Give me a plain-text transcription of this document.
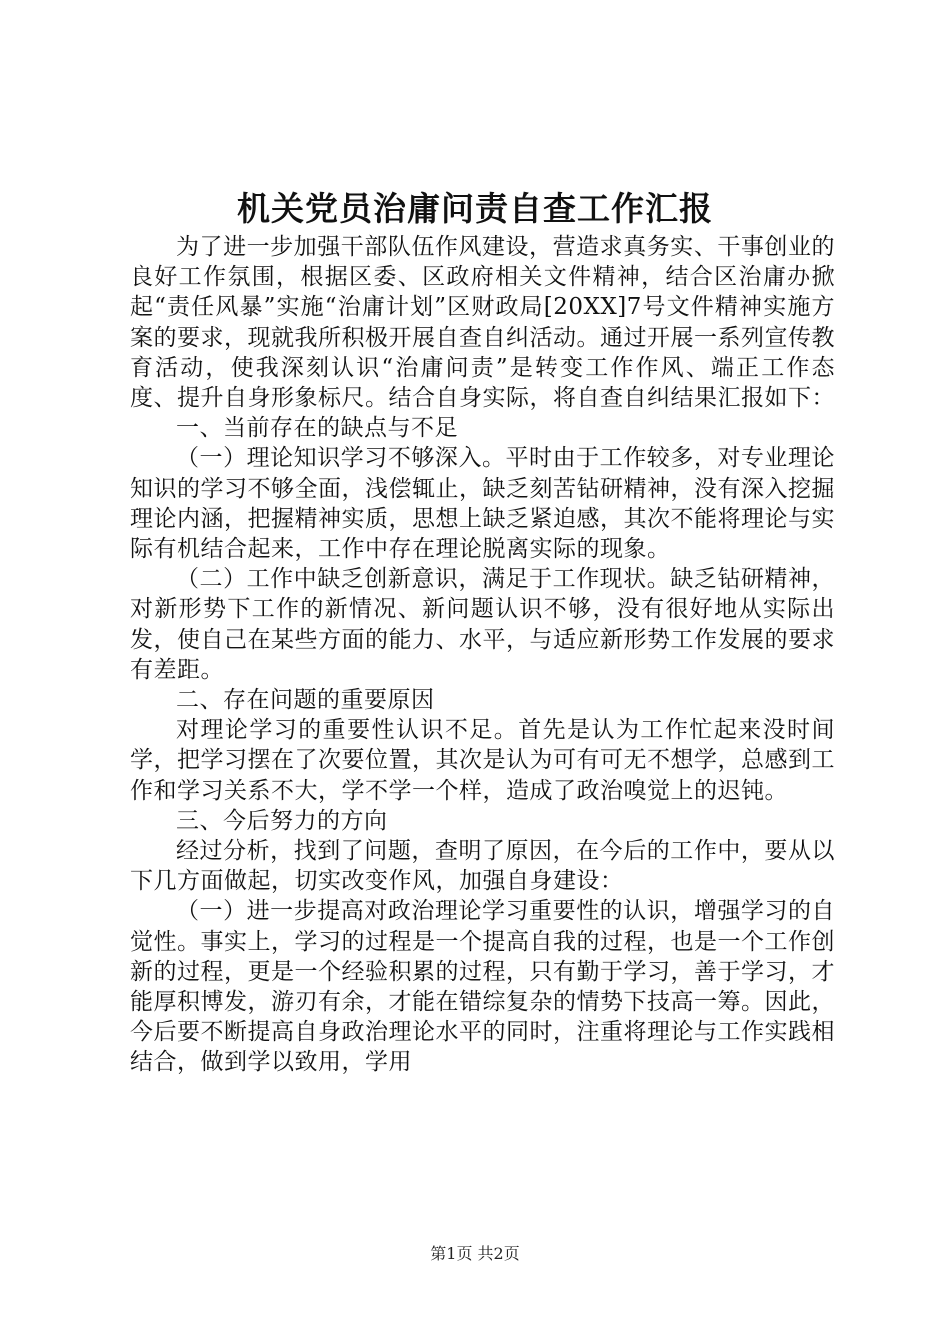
机关党员治庸问责自查工作汇报

为了进一步加强干部队伍作风建设，营造求真务实、干事创业的良好工作氛围，根据区委、区政府相关文件精神，结合区治庸办掀起“责任风暴”实施“治庸计划”区财政局[20XX]7号文件精神实施方案的要求，现就我所积极开展自查自纠活动。通过开展一系列宣传教育活动，使我深刻认识“治庸问责”是转变工作作风、端正工作态度、提升自身形象标尺。结合自身实际，将自查自纠结果汇报如下：

一、当前存在的缺点与不足

（一）理论知识学习不够深入。平时由于工作较多，对专业理论知识的学习不够全面，浅偿辄止，缺乏刻苦钻研精神，没有深入挖掘理论内涵，把握精神实质，思想上缺乏紧迫感，其次不能将理论与实际有机结合起来，工作中存在理论脱离实际的现象。

（二）工作中缺乏创新意识，满足于工作现状。缺乏钻研精神，对新形势下工作的新情况、新问题认识不够，没有很好地从实际出发，使自己在某些方面的能力、水平，与适应新形势工作发展的要求有差距。

二、存在问题的重要原因

对理论学习的重要性认识不足。首先是认为工作忙起来没时间学，把学习摆在了次要位置，其次是认为可有可无不想学，总感到工作和学习关系不大，学不学一个样，造成了政治嗅觉上的迟钝。

三、今后努力的方向

经过分析，找到了问题，查明了原因，在今后的工作中，要从以下几方面做起，切实改变作风，加强自身建设：

（一）进一步提高对政治理论学习重要性的认识，增强学习的自觉性。事实上，学习的过程是一个提高自我的过程，也是一个工作创新的过程，更是一个经验积累的过程，只有勤于学习，善于学习，才能厚积博发，游刃有余，才能在错综复杂的情势下技高一筹。因此，今后要不断提高自身政治理论水平的同时，注重将理论与工作实践相结合，做到学以致用，学用

第1页 共2页
